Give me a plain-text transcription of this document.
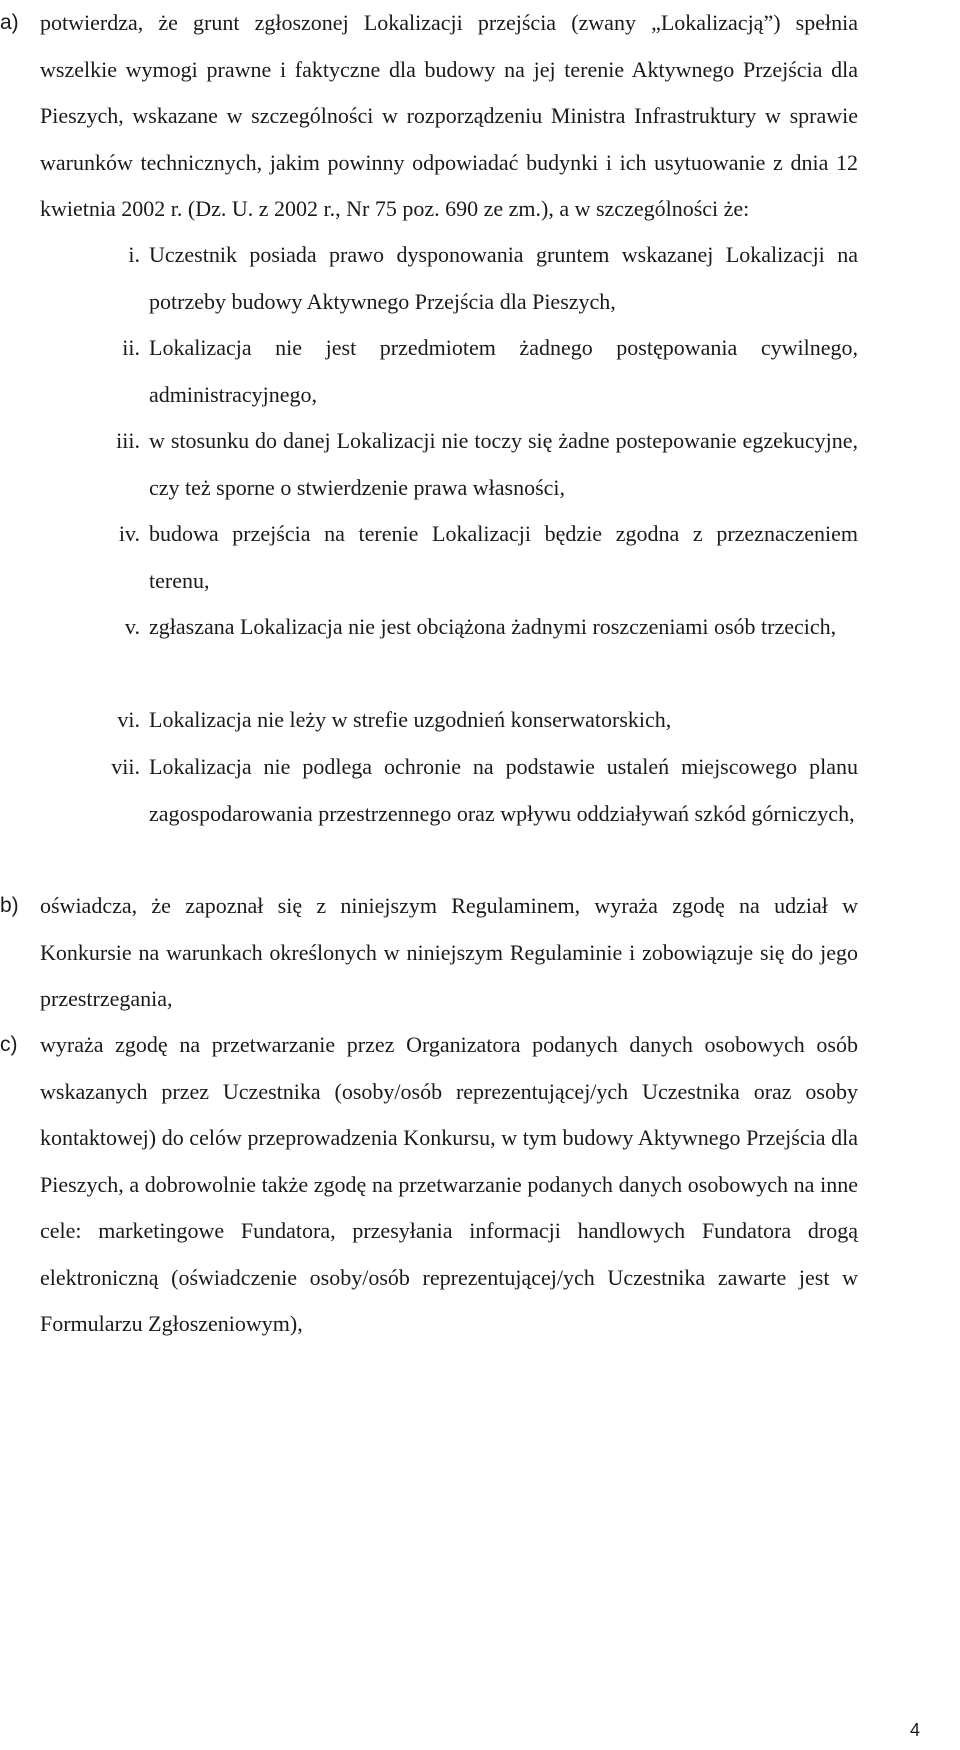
a) potwierdza, że grunt zgłoszonej Lokalizacji przejścia (zwany „Lokalizacją”) spełnia wszelkie wymogi prawne i faktyczne dla budowy na jej terenie Aktywnego Przejścia dla Pieszych, wskazane w szczególności w rozporządzeniu Ministra Infrastruktury w sprawie warunków technicznych, jakim powinny odpowiadać budynki i ich usytuowanie z dnia 12 kwietnia 2002 r. (Dz. U. z 2002 r., Nr 75 poz. 690 ze zm.), a w szczególności że:
i. Uczestnik posiada prawo dysponowania gruntem wskazanej Lokalizacji na potrzeby budowy Aktywnego Przejścia dla Pieszych,
ii. Lokalizacja nie jest przedmiotem żadnego postępowania cywilnego, administracyjnego,
iii. w stosunku do danej Lokalizacji nie toczy się żadne postepowanie egzekucyjne, czy też sporne o stwierdzenie prawa własności,
iv. budowa przejścia na terenie Lokalizacji będzie zgodna z przeznaczeniem terenu,
v. zgłaszana Lokalizacja nie jest obciążona żadnymi roszczeniami osób trzecich,
vi. Lokalizacja nie leży w strefie uzgodnień konserwatorskich,
vii. Lokalizacja nie podlega ochronie na podstawie ustaleń miejscowego planu zagospodarowania przestrzennego oraz wpływu oddziaływań szkód górniczych,
b) oświadcza, że zapoznał się z niniejszym Regulaminem, wyraża zgodę na udział w Konkursie na warunkach określonych w niniejszym Regulaminie i zobowiązuje się do jego przestrzegania,
c)	wyraża zgodę na przetwarzanie przez Organizatora podanych danych osobowych osób wskazanych przez Uczestnika (osoby/osób reprezentującej/ych Uczestnika oraz osoby kontaktowej) do celów przeprowadzenia Konkursu, w tym budowy Aktywnego Przejścia dla Pieszych, a dobrowolnie także zgodę na przetwarzanie podanych danych osobowych na inne cele: marketingowe Fundatora, przesyłania informacji handlowych Fundatora drogą elektroniczną (oświadczenie osoby/osób reprezentującej/ych Uczestnika zawarte jest w Formularzu Zgłoszeniowym),
4
